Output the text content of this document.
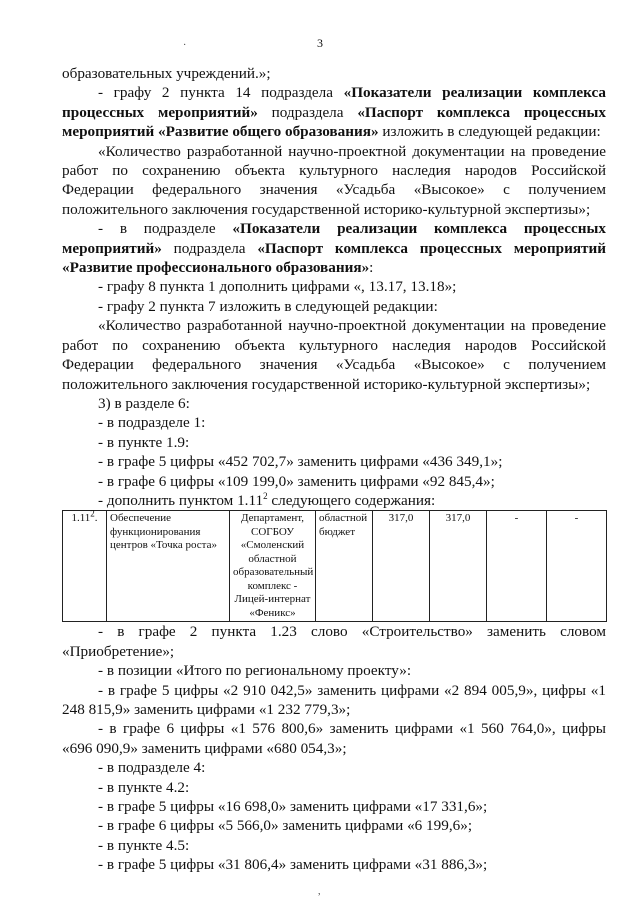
·	3

образовательных учреждений.»;

- графу 2 пункта 14 подраздела «Показатели реализации комплекса процессных мероприятий» подраздела «Паспорт комплекса процессных мероприятий «Развитие общего образования» изложить в следующей редакции:

«Количество разработанной научно-проектной документации на проведение работ по сохранению объекта культурного наследия народов Российской Федерации федерального значения «Усадьба «Высокое» с получением положительного заключения государственной историко-культурной экспертизы»;

- в подразделе «Показатели реализации комплекса процессных мероприятий» подраздела «Паспорт комплекса процессных мероприятий «Развитие профессионального образования»:

- графу 8 пункта 1 дополнить цифрами «, 13.17, 13.18»;

- графу 2 пункта 7 изложить в следующей редакции:

«Количество разработанной научно-проектной документации на проведение работ по сохранению объекта культурного наследия народов Российской Федерации федерального значения «Усадьба «Высокое» с получением положительного заключения государственной историко-культурной экспертизы»;

3) в разделе 6:

- в подразделе 1:

- в пункте 1.9:

- в графе 5 цифры «452 702,7» заменить цифрами «436 349,1»;

- в графе 6 цифры «109 199,0» заменить цифрами «92 845,4»;

- дополнить пунктом 1.11$^2$ следующего содержания:

1.11$^2$.	Обеспечение функционирования центров «Точка роста»	Департамент, СОГБОУ «Смоленский областной образовательный комплекс - Лицей-интернат «Феникс»	областной бюджет	317,0	317,0	-	-

- в графе 2 пункта 1.23 слово «Строительство» заменить словом «Приобретение»;

- в позиции «Итого по региональному проекту»:

- в графе 5 цифры «2 910 042,5» заменить цифрами «2 894 005,9», цифры «1 248 815,9» заменить цифрами «1 232 779,3»;

- в графе 6 цифры «1 576 800,6» заменить цифрами «1 560 764,0», цифры «696 090,9» заменить цифрами «680 054,3»;

- в подразделе 4:

- в пункте 4.2:

- в графе 5 цифры «16 698,0» заменить цифрами «17 331,6»;

- в графе 6 цифры «5 566,0» заменить цифрами «6 199,6»;

- в пункте 4.5:

- в графе 5 цифры «31 806,4» заменить цифрами «31 886,3»;

,
